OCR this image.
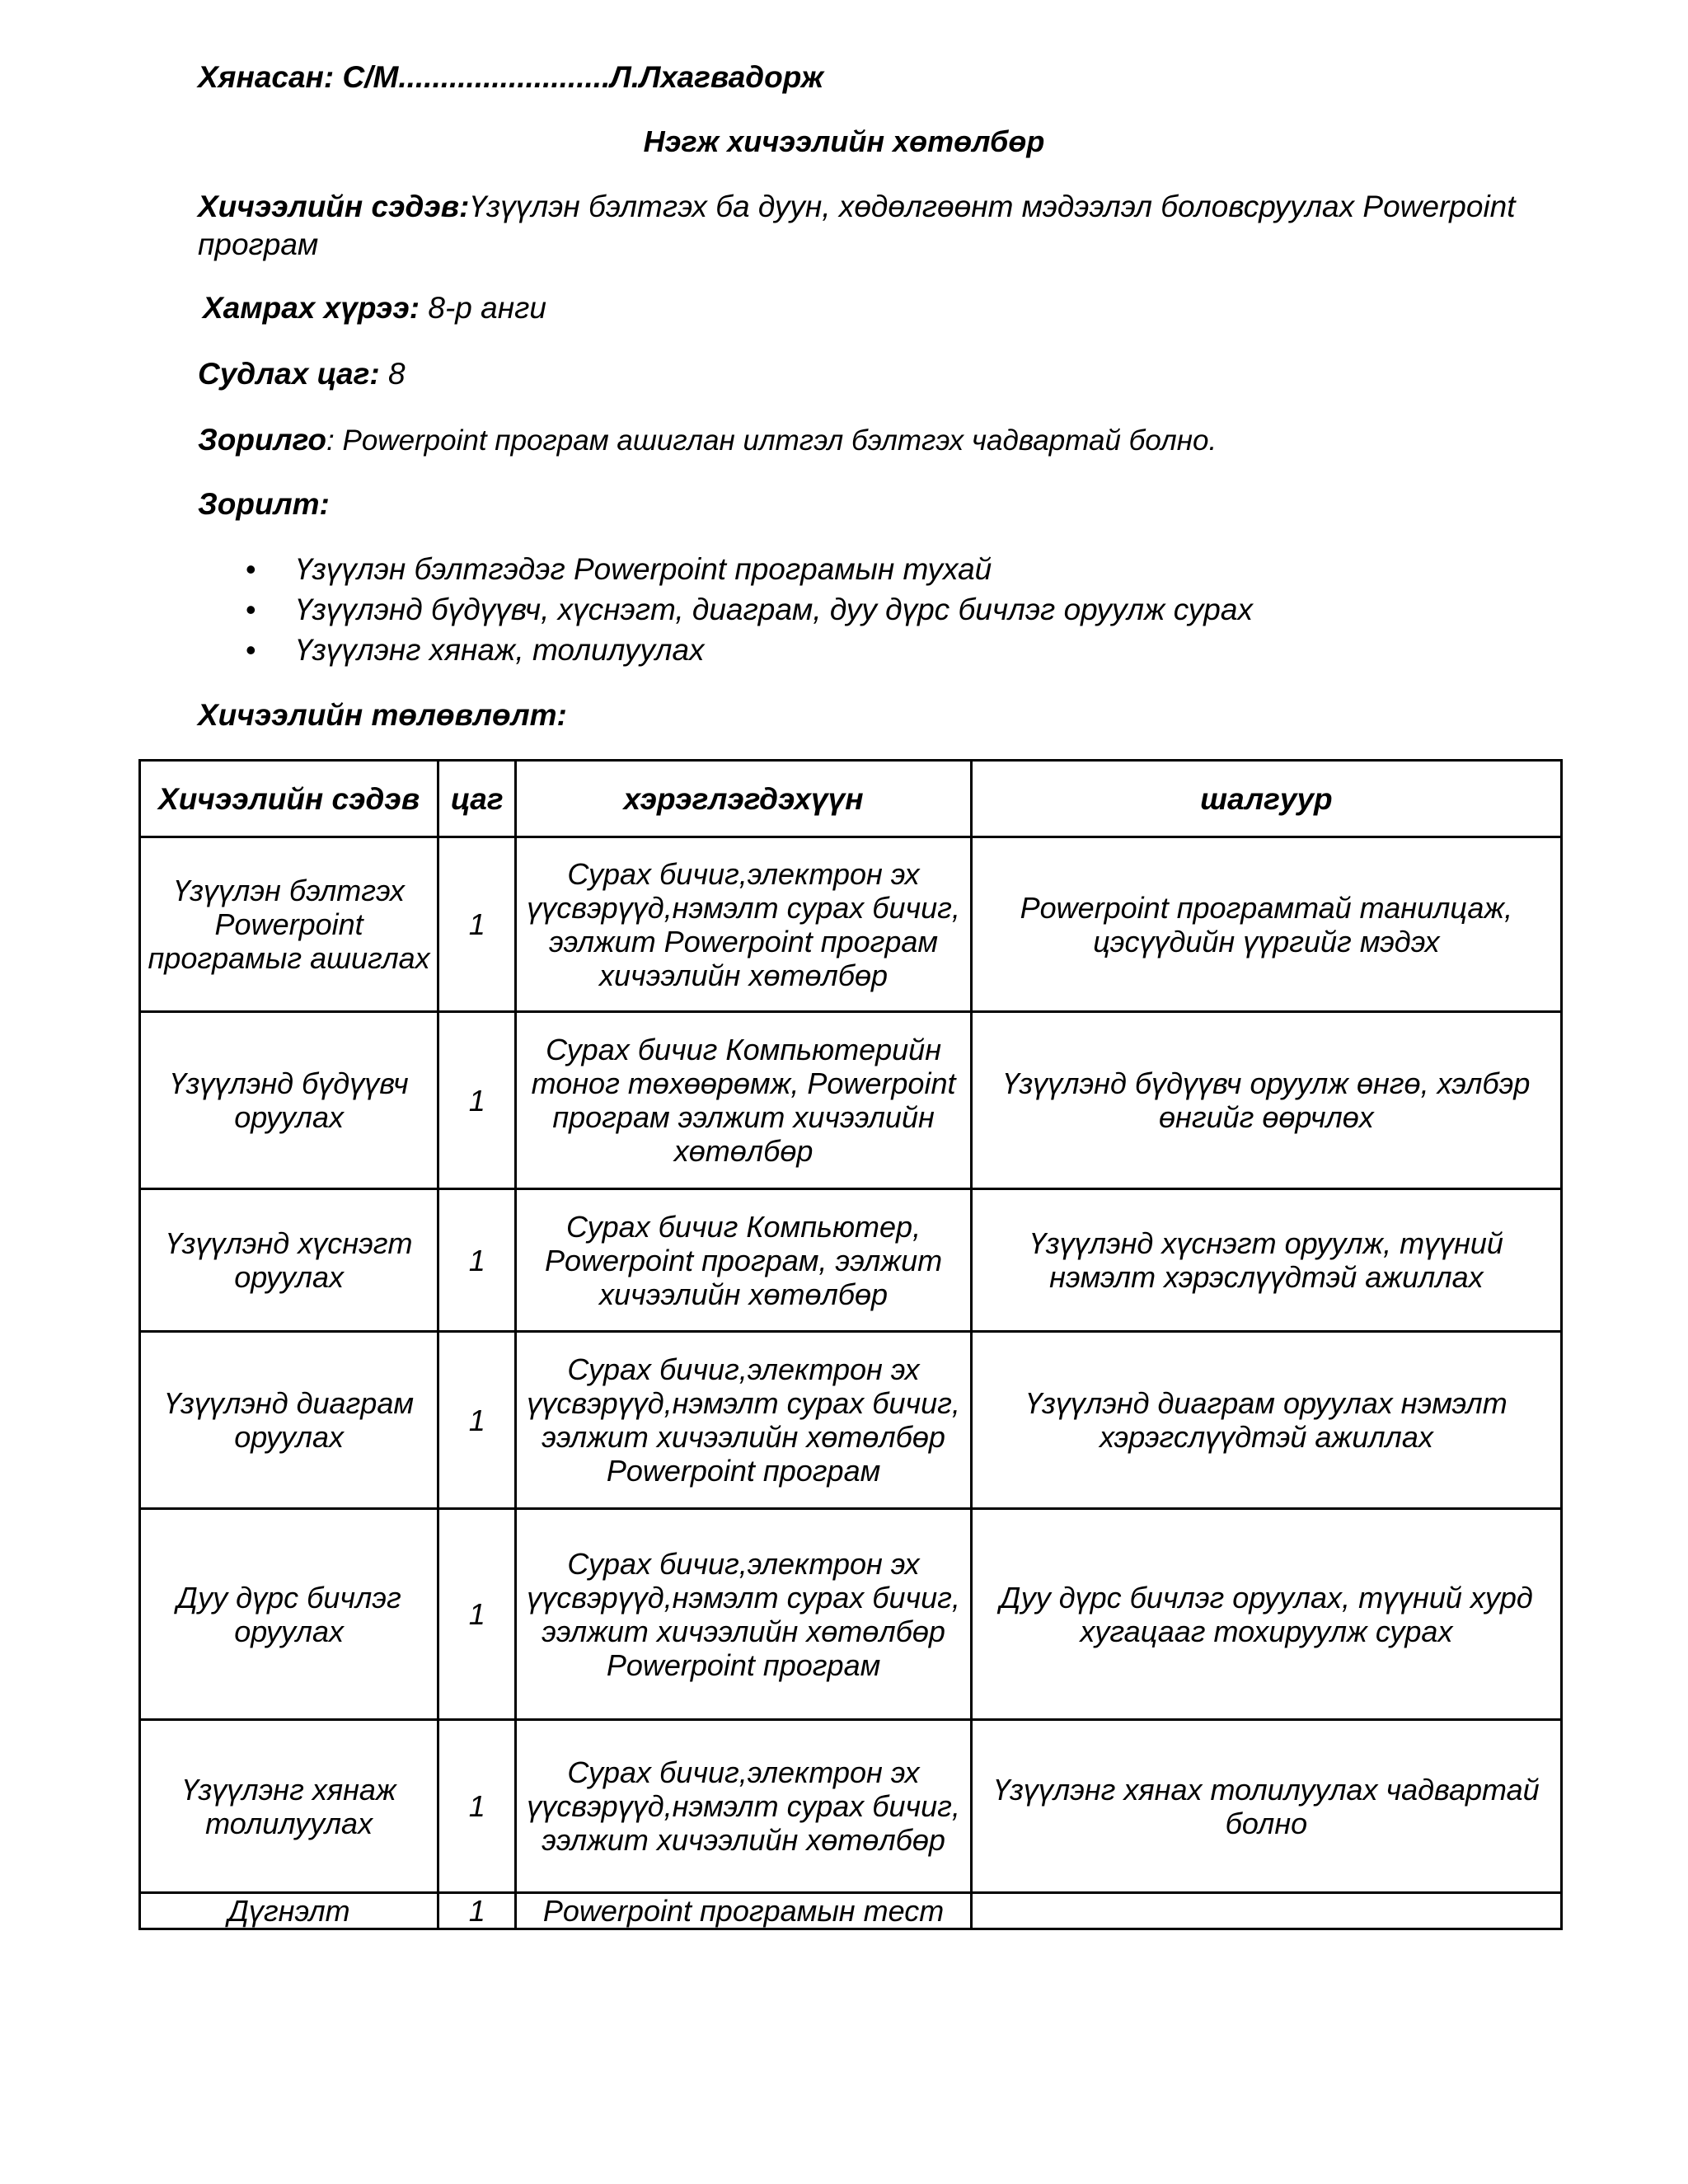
Хянасан: С/М.........................Л.Лхагвадорж
Нэгж хичээлийн хөтөлбөр
Хичээлийн сэдэв:Үзүүлэн бэлтгэх ба дуун, хөдөлгөөнт мэдээлэл боловсруулах Powerpoint програм
Хамрах хүрээ: 8-р анги
Судлах цаг: 8
Зорилго: Powerpoint програм ашиглан илтгэл бэлтгэх чадвартай болно.
Зорилт:
• Үзүүлэн бэлтгэдэг Powerpoint програмын тухай
• Үзүүлэнд бүдүүвч, хүснэгт, диаграм, дуу дүрс бичлэг оруулж сурах
• Үзүүлэнг хянаж, толилуулах
Хичээлийн төлөвлөлт:
Хичээлийн сэдэв	цаг	хэрэглэгдэхүүн	шалгуур
Үзүүлэн бэлтгэх Powerpoint програмыг ашиглах	1	Сурах бичиг,электрон эх үүсвэрүүд,нэмэлт сурах бичиг, ээлжит Powerpoint програм хичээлийн хөтөлбөр	Powerpoint програмтай танилцаж, цэсүүдийн үүргийг мэдэх
Үзүүлэнд бүдүүвч оруулах	1	Сурах бичиг Компьютерийн тоног төхөөрөмж, Powerpoint програм ээлжит хичээлийн хөтөлбөр	Үзүүлэнд бүдүүвч оруулж өнгө, хэлбэр өнгийг өөрчлөх
Үзүүлэнд хүснэгт оруулах	1	Сурах бичиг Компьютер, Powerpoint програм, ээлжит хичээлийн хөтөлбөр	Үзүүлэнд хүснэгт оруулж, түүний нэмэлт хэрэслүүдтэй ажиллах
Үзүүлэнд диаграм оруулах	1	Сурах бичиг,электрон эх үүсвэрүүд,нэмэлт сурах бичиг, ээлжит хичээлийн хөтөлбөр Powerpoint програм	Үзүүлэнд диаграм оруулах нэмэлт хэрэгслүүдтэй ажиллах
Дуу дүрс бичлэг оруулах	1	Сурах бичиг,электрон эх үүсвэрүүд,нэмэлт сурах бичиг, ээлжит хичээлийн хөтөлбөр Powerpoint програм	Дуу дүрс бичлэг оруулах, түүний хурд хугацааг тохируулж сурах
Үзүүлэнг хянаж толилуулах	1	Сурах бичиг,электрон эх үүсвэрүүд,нэмэлт сурах бичиг, ээлжит хичээлийн хөтөлбөр	Үзүүлэнг хянах толилуулах чадвартай болно
Дүгнэлт	1	Powerpoint програмын тест	
